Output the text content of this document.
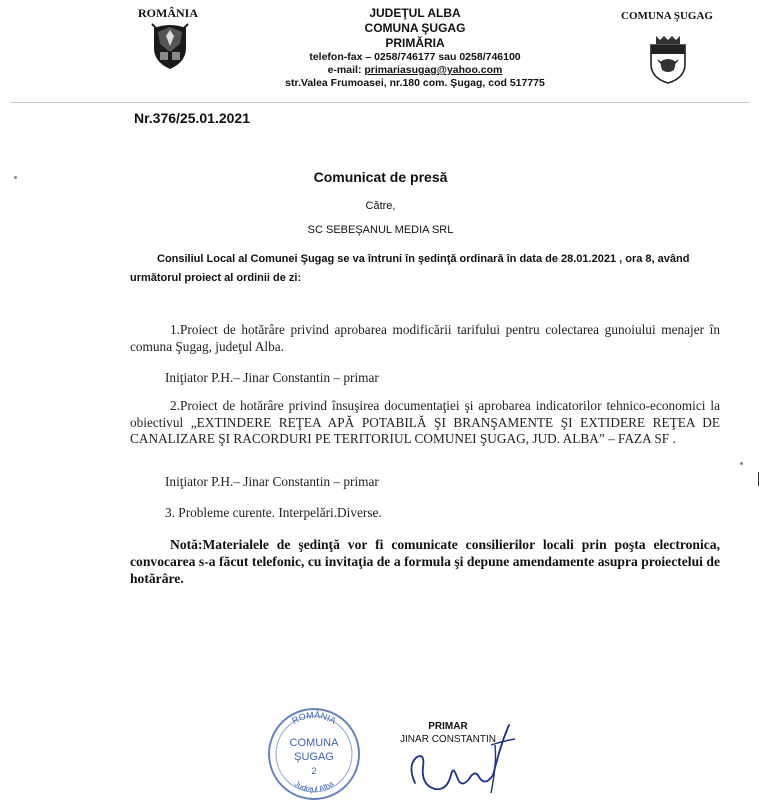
ROMÂNIA	JUDEŢUL ALBA
COMUNA ŞUGAG
PRIMĂRIA
telefon-fax – 0258/746177 sau 0258/746100
e-mail: primariasugag@yahoo.com
str.Valea Frumoasei, nr.180 com. Şugag, cod 517775
COMUNA ŞUGAG
Nr.376/25.01.2021
Comunicat de presă
Către,
SC SEBEŞANUL MEDIA SRL
Consiliul Local al Comunei Şugag se va întruni în şedinţă ordinară în data de 28.01.2021 , ora 8, având următorul proiect al ordinii de zi:
1.Proiect de hotărâre privind aprobarea modificării tarifului pentru colectarea gunoiului menajer în comuna Şugag, judeţul Alba.
Iniţiator P.H.– Jinar Constantin – primar
2.Proiect de hotărâre privind însuşirea documentaţiei şi aprobarea indicatorilor tehnico-economici la obiectivul „EXTINDERE REŢEA APĂ POTABILĂ ŞI BRANŞAMENTE ŞI EXTIDERE REŢEA DE CANALIZARE ŞI RACORDURI PE TERITORIUL COMUNEI ŞUGAG, JUD. ALBA” – FAZA SF .
Iniţiator P.H.– Jinar Constantin – primar
3. Probleme curente. Interpelări.Diverse.
Notă:Materialele de şedinţă vor fi comunicate consilierilor locali prin poşta electronica, convocarea s-a făcut telefonic, cu invitaţia de a formula şi depune amendamente asupra proiectelui de hotărâre.
ROMÂNIA
COMUNA
ŞUGAG
2
Judeţul Alba
PRIMAR
JINAR CONSTANTIN
